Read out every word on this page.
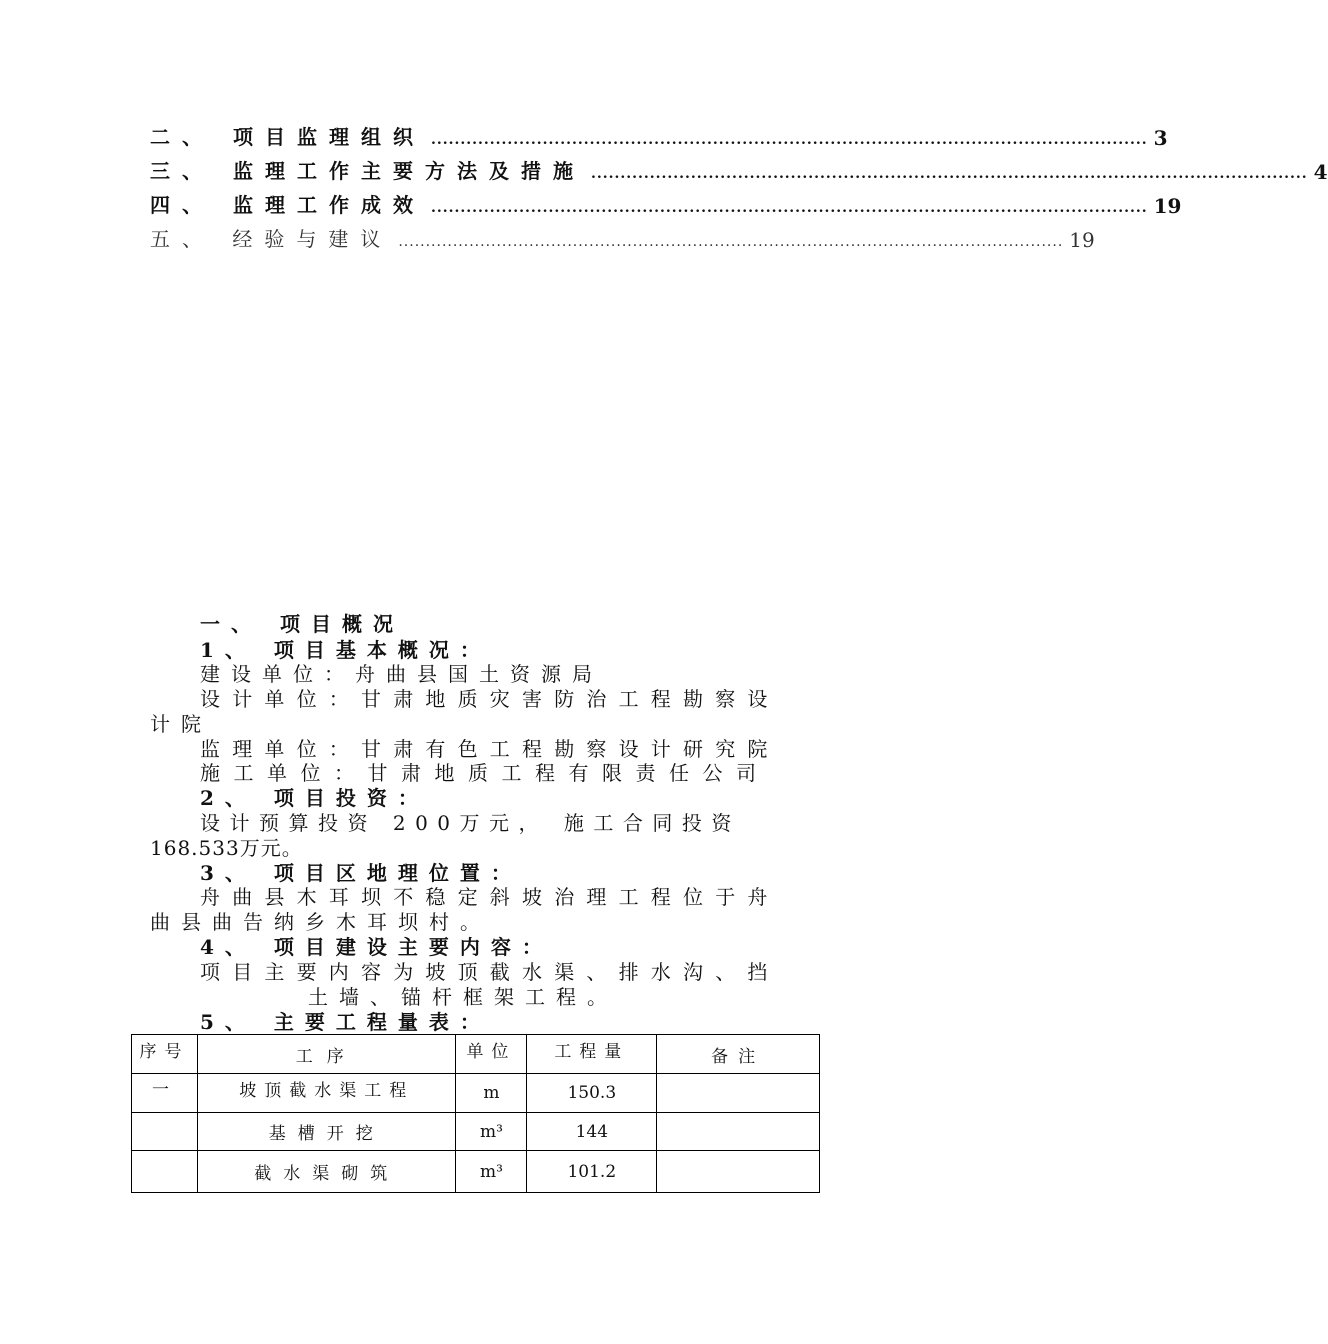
二、 项目监理组织 .......................................................................................................................... 3
三、 监理工作主要方法及措施 .......................................................................................................................... 4
四、 监理工作成效 .......................................................................................................................... 19
五、 经验与建议 .......................................................................................................................... 19
一、 项目概况
1、 项目基本概况：
建设单位：舟曲县国土资源局
设计单位：甘肃地质灾害防治工程勘察设
计院
监理单位：甘肃有色工程勘察设计研究院
施工单位：甘肃地质工程有限责任公司
2、 项目投资：
设计预算投资 200万元， 施工合同投资
168.533万元。
3、 项目区地理位置：
舟曲县木耳坝不稳定斜坡治理工程位于舟
曲县曲告纳乡木耳坝村。
4、 项目建设主要内容：
项目主要内容为坡顶截水渠、排水沟、挡
土墙、锚杆框架工程。
5、 主要工程量表：
序号	工序	单位	工程量	备注

一	坡顶截水渠工程	m	150.3	
	基槽开挖	m³	144	
	截水渠砌筑	m³	101.2	
